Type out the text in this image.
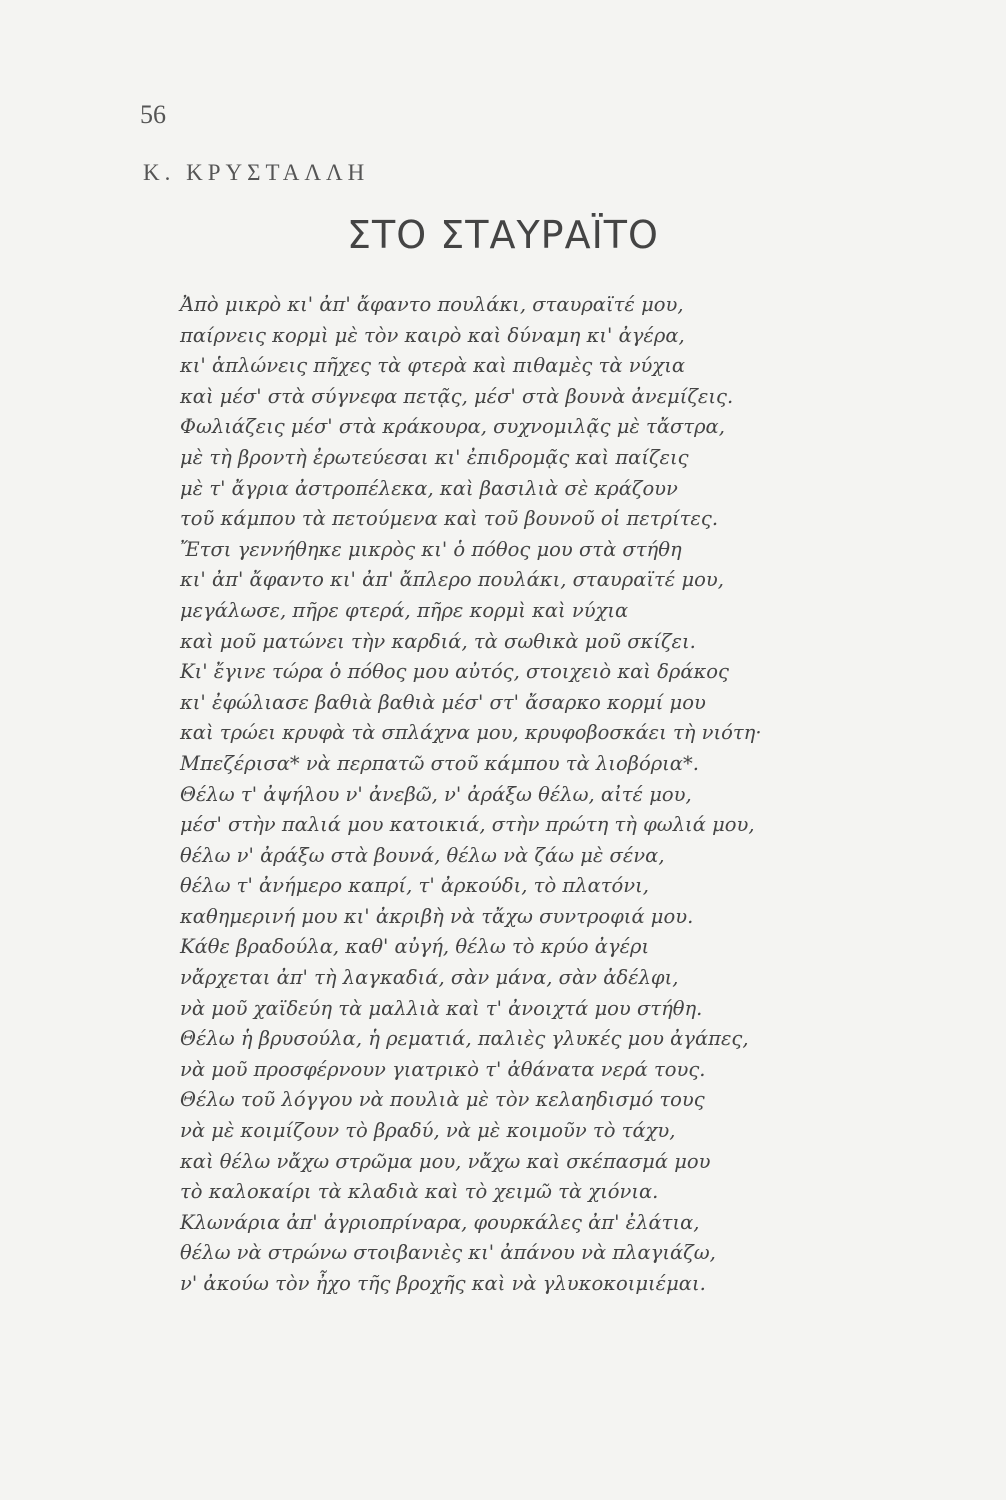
56
Κ. ΚΡΥΣΤΑΛΛΗ
ΣΤΟ ΣΤΑΥΡΑΪΤΟ
Ἀπὸ μικρὸ κι' ἀπ' ἄφαντο πουλάκι, σταυραϊτέ μου,
παίρνεις κορμὶ μὲ τὸν καιρὸ καὶ δύναμη κι' ἀγέρα,
κι' ἁπλώνεις πῆχες τὰ φτερὰ καὶ πιθαμὲς τὰ νύχια
καὶ μέσ' στὰ σύγνεφα πετᾷς, μέσ' στὰ βουνὰ ἀνεμίζεις.
Φωλιάζεις μέσ' στὰ κράκουρα, συχνομιλᾷς μὲ τἄστρα,
μὲ τὴ βροντὴ ἐρωτεύεσαι κι' ἐπιδρομᾷς καὶ παίζεις
μὲ τ' ἄγρια ἀστροπέλεκα, καὶ βασιλιὰ σὲ κράζουν
τοῦ κάμπου τὰ πετούμενα καὶ τοῦ βουνοῦ οἱ πετρίτες.
Ἔτσι γεννήθηκε μικρὸς κι' ὁ πόθος μου στὰ στήθη
κι' ἀπ' ἄφαντο κι' ἀπ' ἄπλερο πουλάκι, σταυραϊτέ μου,
μεγάλωσε, πῆρε φτερά, πῆρε κορμὶ καὶ νύχια
καὶ μοῦ ματώνει τὴν καρδιά, τὰ σωθικὰ μοῦ σκίζει.
Κι' ἔγινε τώρα ὁ πόθος μου αὐτός, στοιχειὸ καὶ δράκος
κι' ἐφώλιασε βαθιὰ βαθιὰ μέσ' στ' ἄσαρκο κορμί μου
καὶ τρώει κρυφὰ τὰ σπλάχνα μου, κρυφοβοσκάει τὴ νιότη·
Μπεζέρισα* νὰ περπατῶ στοῦ κάμπου τὰ λιοβόρια*.
Θέλω τ' ἀψήλου ν' ἀνεβῶ, ν' ἀράξω θέλω, αἰτέ μου,
μέσ' στὴν παλιά μου κατοικιά, στὴν πρώτη τὴ φωλιά μου,
θέλω ν' ἀράξω στὰ βουνά, θέλω νὰ ζάω μὲ σένα,
θέλω τ' ἀνήμερο καπρί, τ' ἀρκούδι, τὸ πλατόνι,
καθημερινή μου κι' ἀκριβὴ νὰ τἄχω συντροφιά μου.
Κάθε βραδούλα, καθ' αὐγή, θέλω τὸ κρύο ἀγέρι
νἄρχεται ἀπ' τὴ λαγκαδιά, σὰν μάνα, σὰν ἀδέλφι,
νὰ μοῦ χαϊδεύη τὰ μαλλιὰ καὶ τ' ἀνοιχτά μου στήθη.
Θέλω ἡ βρυσούλα, ἡ ρεματιά, παλιὲς γλυκές μου ἀγάπες,
νὰ μοῦ προσφέρνουν γιατρικὸ τ' ἀθάνατα νερά τους.
Θέλω τοῦ λόγγου νὰ πουλιὰ μὲ τὸν κελαηδισμό τους
νὰ μὲ κοιμίζουν τὸ βραδύ, νὰ μὲ κοιμοῦν τὸ τάχυ,
καὶ θέλω νἄχω στρῶμα μου, νἄχω καὶ σκέπασμά μου
τὸ καλοκαίρι τὰ κλαδιὰ καὶ τὸ χειμῶ τὰ χιόνια.
Κλωνάρια ἀπ' ἀγριοπρίναρα, φουρκάλες ἀπ' ἐλάτια,
θέλω νὰ στρώνω στοιβανιὲς κι' ἀπάνου νὰ πλαγιάζω,
ν' ἀκούω τὸν ἦχο τῆς βροχῆς καὶ νὰ γλυκοκοιμιέμαι.
